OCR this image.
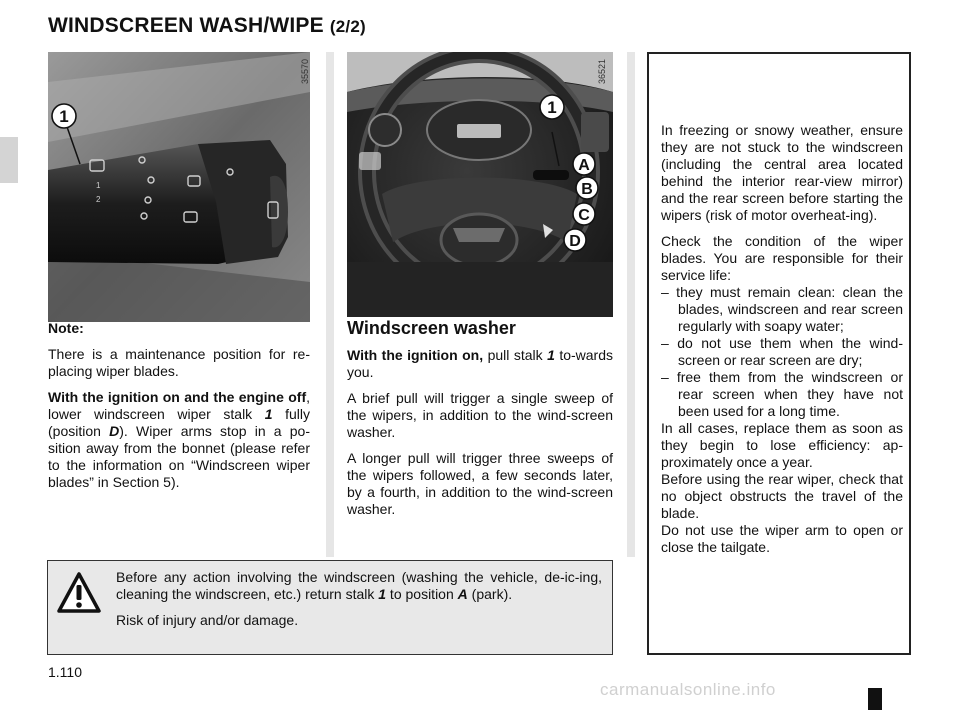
WINDSCREEN WASH/WIPE (2/2)
1
2
1
35570
1
A
B
C
D
36521
Note:

There is a maintenance position for re-placing wiper blades.

With the ignition on and the engine off, lower windscreen wiper stalk 1 fully (position D). Wiper arms stop in a po-sition away from the bonnet (please refer to the information on “Windscreen wiper blades” in Section 5).

Windscreen washer

With the ignition on, pull stalk 1 to-wards you.

A brief pull will trigger a single sweep of the wipers, in addition to the wind-screen washer.

A longer pull will trigger three sweeps of the wipers followed, a few seconds later, by a fourth, in addition to the wind-screen washer.

In freezing or snowy weather, ensure they are not stuck to the windscreen (including the central area located behind the interior rear-view mirror) and the rear screen before starting the wipers (risk of motor overheat-ing).

Check the condition of the wiper blades. You are responsible for their service life:
– they must remain clean: clean the blades, windscreen and rear screen regularly with soapy water;
– do not use them when the wind-screen or rear screen are dry;
– free them from the windscreen or rear screen when they have not been used for a long time.
In all cases, replace them as soon as they begin to lose efficiency: ap-proximately once a year.
Before using the rear wiper, check that no object obstructs the travel of the blade.
Do not use the wiper arm to open or close the tailgate.

Before any action involving the windscreen (washing the vehicle, de-ic-ing, cleaning the windscreen, etc.) return stalk 1 to position A (park).

Risk of injury and/or damage.

1.110
carmanualsonline.info
